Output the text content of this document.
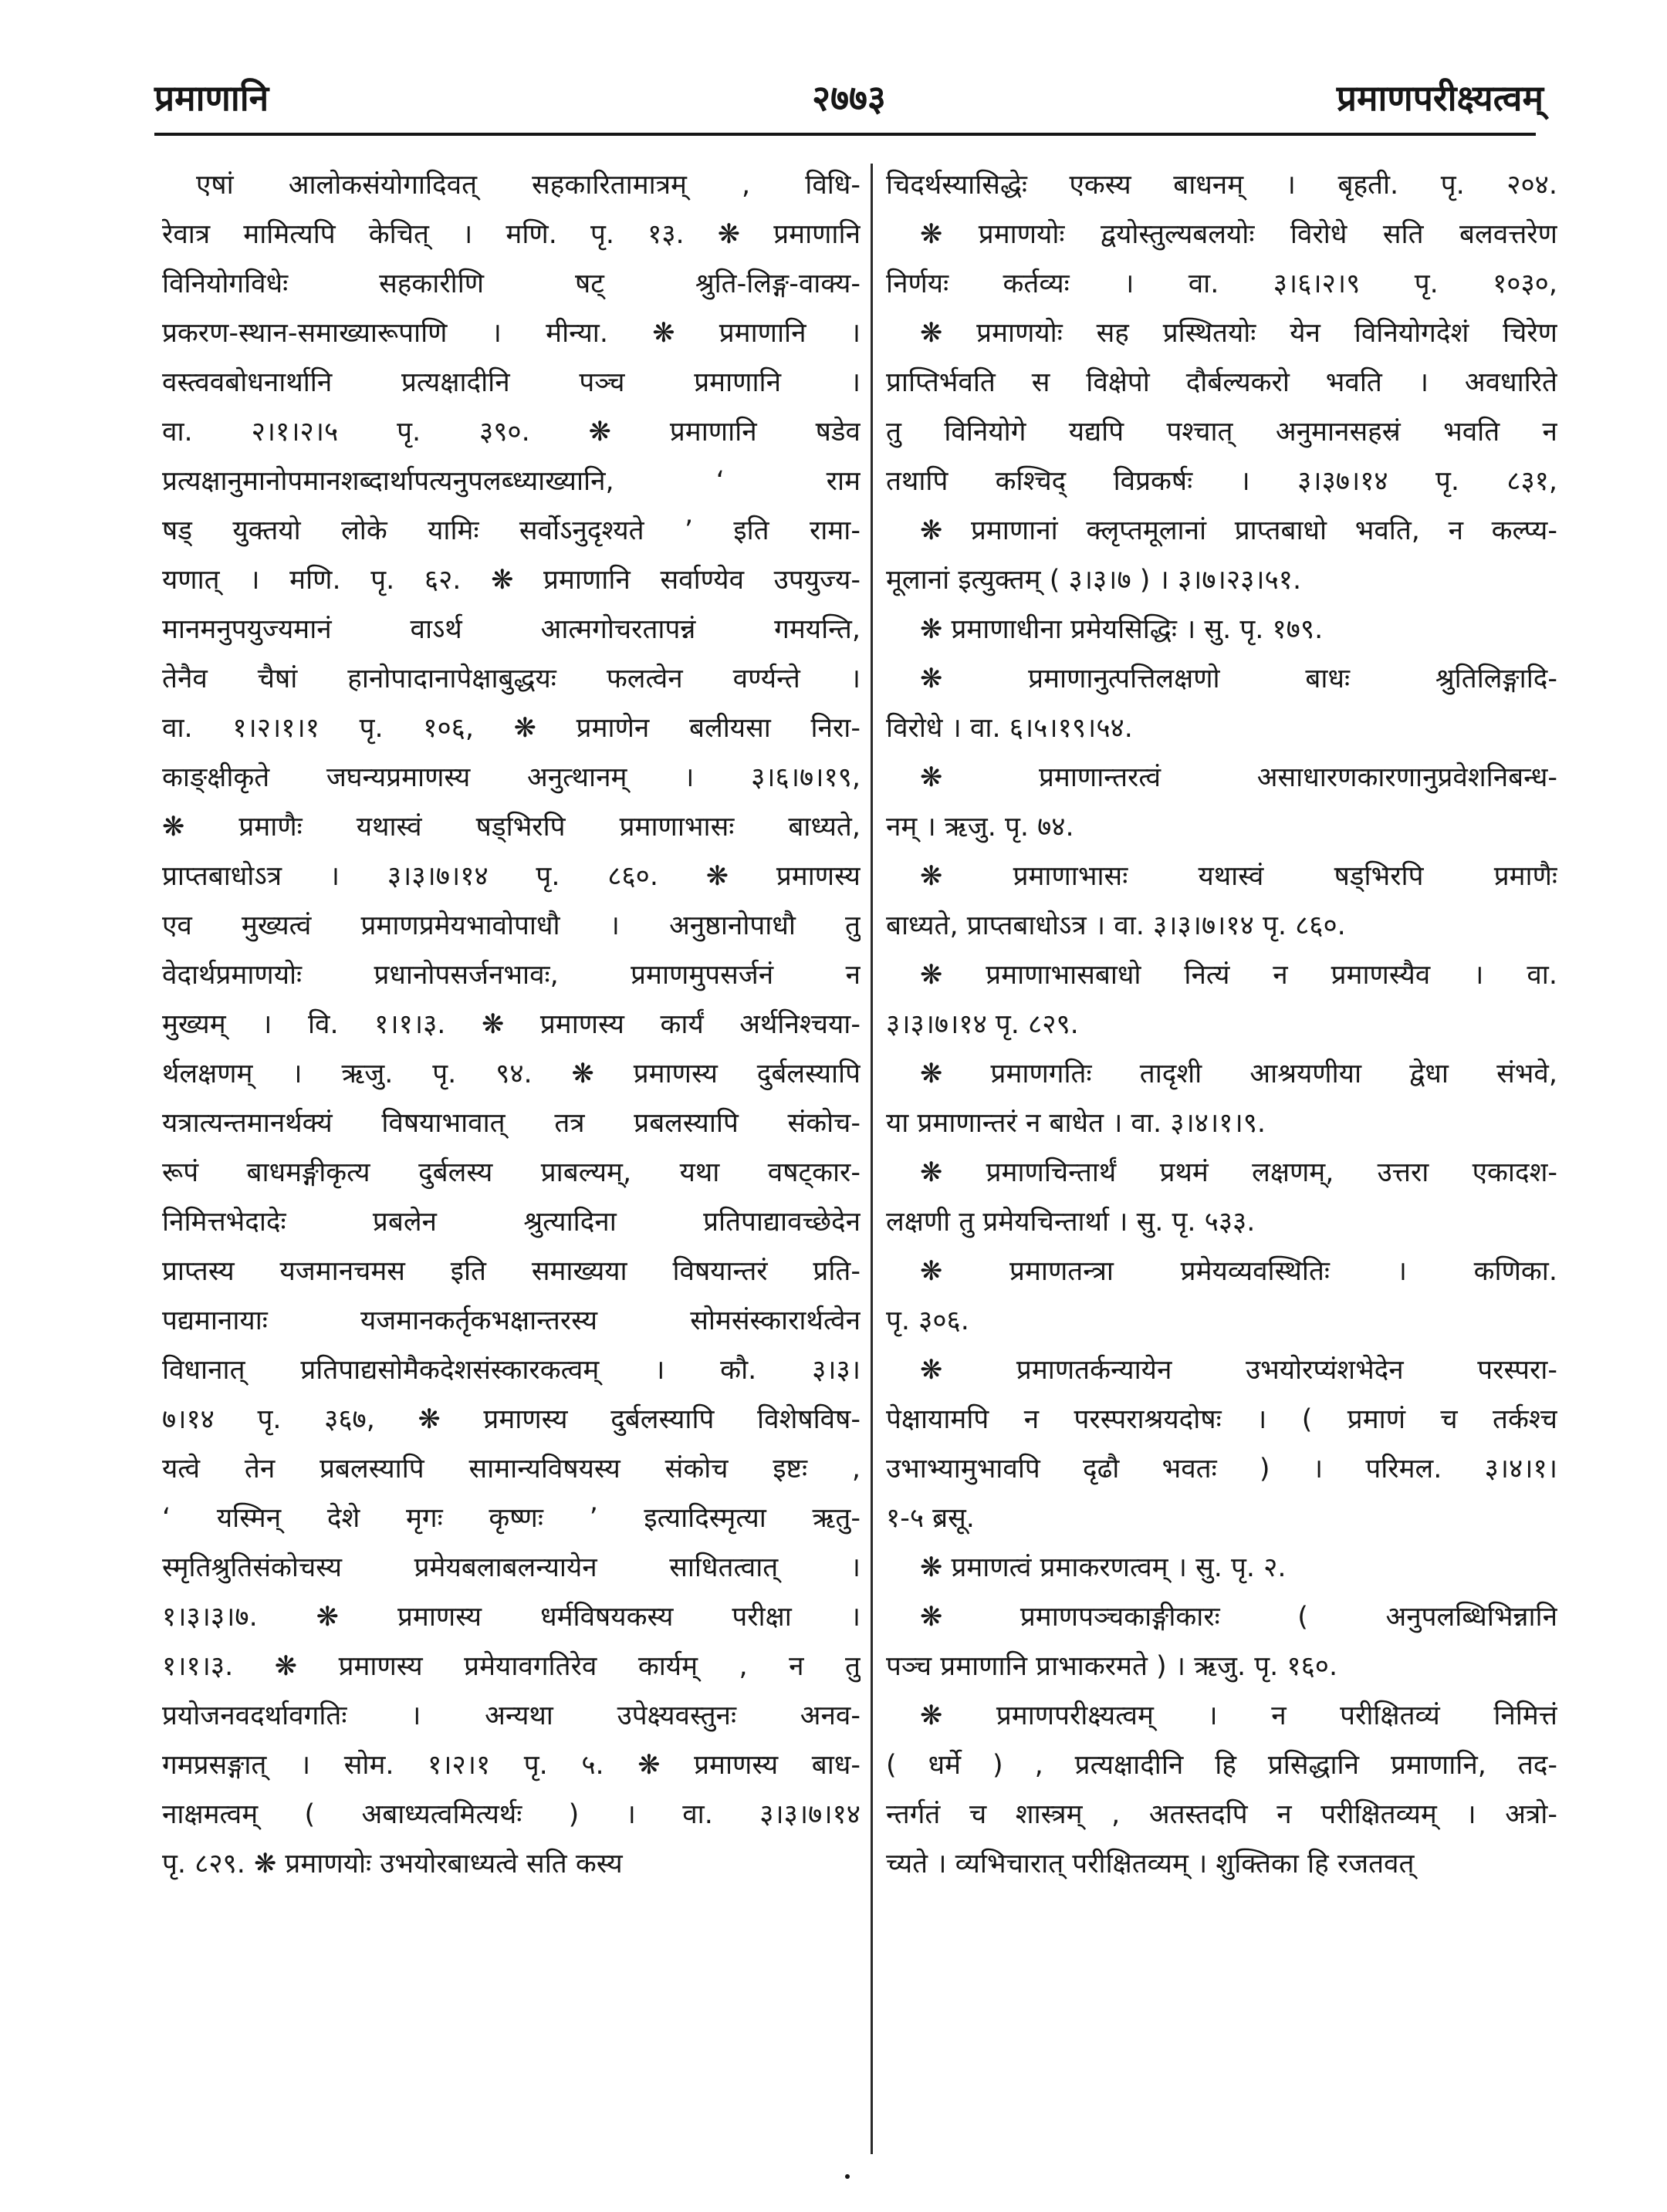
प्रमाणानि	२७७३	प्रमाणपरीक्ष्यत्वम्
एषां आलोकसंयोगादिवत् सहकारितामात्रम् , विधि-
रेवात्र मामित्यपि केचित् । मणि. पृ. १३. ❋ प्रमाणानि
विनियोगविधेः सहकारीणि षट् श्रुति-लिङ्ग-वाक्य-
प्रकरण-स्थान-समाख्यारूपाणि । मीन्या. ❋ प्रमाणानि ।
वस्त्ववबोधनार्थानि प्रत्यक्षादीनि पञ्च प्रमाणानि ।
वा. २।१।२।५ पृ. ३९०. ❋ प्रमाणानि षडेव
प्रत्यक्षानुमानोपमानशब्दार्थापत्यनुपलब्ध्याख्यानि, ‘ राम
षड् युक्तयो लोके यामिः सर्वोऽनुदृश्यते ’ इति रामा-
यणात् । मणि. पृ. ६२. ❋ प्रमाणानि सर्वाण्येव उपयुज्य-
मानमनुपयुज्यमानं वाऽर्थ आत्मगोचरतापन्नं गमयन्ति,
तेनैव चैषां हानोपादानापेक्षाबुद्धयः फलत्वेन वर्ण्यन्ते ।
वा. १।२।१।१ पृ. १०६, ❋ प्रमाणेन बलीयसा निरा-
काङ्क्षीकृते जघन्यप्रमाणस्य अनुत्थानम् । ३।६।७।१९,
❋ प्रमाणैः यथास्वं षड्भिरपि प्रमाणाभासः बाध्यते,
प्राप्तबाधोऽत्र । ३।३।७।१४ पृ. ८६०. ❋ प्रमाणस्य
एव मुख्यत्वं प्रमाणप्रमेयभावोपाधौ । अनुष्ठानोपाधौ तु
वेदार्थप्रमाणयोः प्रधानोपसर्जनभावः, प्रमाणमुपसर्जनं न
मुख्यम् । वि. १।१।३. ❋ प्रमाणस्य कार्यं अर्थनिश्चया-
र्थलक्षणम् । ऋजु. पृ. ९४. ❋ प्रमाणस्य दुर्बलस्यापि
यत्रात्यन्तमानर्थक्यं विषयाभावात् तत्र प्रबलस्यापि संकोच-
रूपं बाधमङ्गीकृत्य दुर्बलस्य प्राबल्यम्, यथा वषट्कार-
निमित्तभेदादेः प्रबलेन श्रुत्यादिना प्रतिपाद्यावच्छेदेन
प्राप्तस्य यजमानचमस इति समाख्यया विषयान्तरं प्रति-
पद्यमानायाः यजमानकर्तृकभक्षान्तरस्य सोमसंस्कारार्थत्वेन
विधानात् प्रतिपाद्यसोमैकदेशसंस्कारकत्वम् । कौ. ३।३।
७।१४ पृ. ३६७, ❋ प्रमाणस्य दुर्बलस्यापि विशेषविष-
यत्वे तेन प्रबलस्यापि सामान्यविषयस्य संकोच इष्टः ,
‘ यस्मिन् देशे मृगः कृष्णः ’ इत्यादिस्मृत्या ऋतु-
स्मृतिश्रुतिसंकोचस्य प्रमेयबलाबलन्यायेन साधितत्वात् ।
१।३।३।७. ❋ प्रमाणस्य धर्मविषयकस्य परीक्षा ।
१।१।३. ❋ प्रमाणस्य प्रमेयावगतिरेव कार्यम् , न तु
प्रयोजनवदर्थावगतिः । अन्यथा उपेक्ष्यवस्तुनः अनव-
गमप्रसङ्गात् । सोम. १।२।१ पृ. ५. ❋ प्रमाणस्य बाध-
नाक्षमत्वम् ( अबाध्यत्वमित्यर्थः ) । वा. ३।३।७।१४
पृ. ८२९. ❋ प्रमाणयोः उभयोरबाध्यत्वे सति कस्य
चिदर्थस्यासिद्धेः एकस्य बाधनम् । बृहती. पृ. २०४.
❋ प्रमाणयोः द्वयोस्तुल्यबलयोः विरोधे सति बलवत्तरेण
निर्णयः कर्तव्यः । वा. ३।६।२।९ पृ. १०३०,
❋ प्रमाणयोः सह प्रस्थितयोः येन विनियोगदेशं चिरेण
प्राप्तिर्भवति स विक्षेपो दौर्बल्यकरो भवति । अवधारिते
तु विनियोगे यद्यपि पश्चात् अनुमानसहस्रं भवति न
तथापि कश्चिद् विप्रकर्षः । ३।३७।१४ पृ. ८३१,
❋ प्रमाणानां क्लृप्तमूलानां प्राप्तबाधो भवति, न कल्प्य-
मूलानां इत्युक्तम् ( ३।३।७ ) । ३।७।२३।५१.
❋ प्रमाणाधीना प्रमेयसिद्धिः । सु. पृ. १७९.
❋ प्रमाणानुत्पत्तिलक्षणो बाधः श्रुतिलिङ्गादि-
विरोधे । वा. ६।५।१९।५४.
❋ प्रमाणान्तरत्वं असाधारणकारणानुप्रवेशनिबन्ध-
नम् । ऋजु. पृ. ७४.
❋ प्रमाणाभासः यथास्वं षड्भिरपि प्रमाणैः
बाध्यते, प्राप्तबाधोऽत्र । वा. ३।३।७।१४ पृ. ८६०.
❋ प्रमाणाभासबाधो नित्यं न प्रमाणस्यैव । वा.
३।३।७।१४ पृ. ८२९.
❋ प्रमाणगतिः तादृशी आश्रयणीया द्वेधा संभवे,
या प्रमाणान्तरं न बाधेत । वा. ३।४।१।९.
❋ प्रमाणचिन्तार्थं प्रथमं लक्षणम्, उत्तरा एकादश-
लक्षणी तु प्रमेयचिन्तार्था । सु. पृ. ५३३.
❋ प्रमाणतन्त्रा प्रमेयव्यवस्थितिः । कणिका.
पृ. ३०६.
❋ प्रमाणतर्कन्यायेन उभयोरप्यंशभेदेन परस्परा-
पेक्षायामपि न परस्पराश्रयदोषः । ( प्रमाणं च तर्कश्च
उभाभ्यामुभावपि दृढौ भवतः ) । परिमल. ३।४।१।
१-५ ब्रसू.
❋ प्रमाणत्वं प्रमाकरणत्वम् । सु. पृ. २.
❋ प्रमाणपञ्चकाङ्गीकारः ( अनुपलब्धिभिन्नानि
पञ्च प्रमाणानि प्राभाकरमते ) । ऋजु. पृ. १६०.
❋ प्रमाणपरीक्ष्यत्वम् । न परीक्षितव्यं निमित्तं
( धर्मे ) , प्रत्यक्षादीनि हि प्रसिद्धानि प्रमाणानि, तद-
न्तर्गतं च शास्त्रम् , अतस्तदपि न परीक्षितव्यम् । अत्रो-
च्यते । व्यभिचारात् परीक्षितव्यम् । शुक्तिका हि रजतवत्
